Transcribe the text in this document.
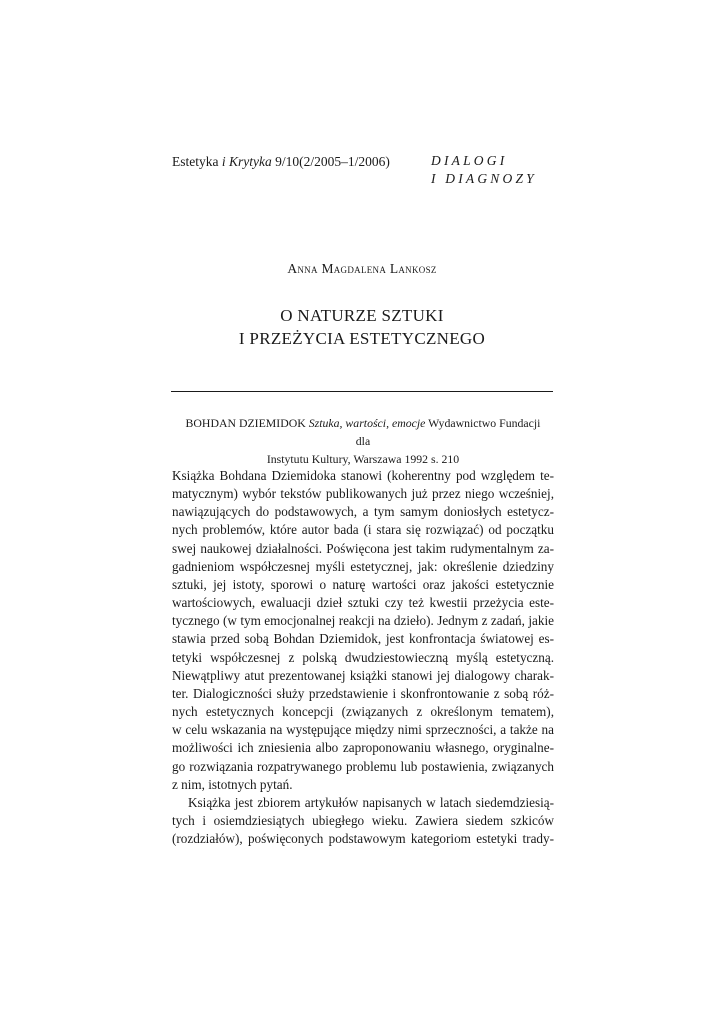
Estetyka i Krytyka 9/10(2/2005–1/2006)	DIALOGI
I DIAGNOZY
Anna Magdalena Lankosz
O NATURZE SZTUKI
I PRZEŻYCIA ESTETYCZNEGO
BOHDAN DZIEMIDOK Sztuka, wartości, emocje Wydawnictwo Fundacji dla
Instytutu Kultury, Warszawa 1992 s. 210

Książka Bohdana Dziemidoka stanowi (koherentny pod względem te-
matycznym) wybór tekstów publikowanych już przez niego wcześniej,
nawiązujących do podstawowych, a tym samym doniosłych estetycz-
nych problemów, które autor bada (i stara się rozwiązać) od początku
swej naukowej działalności. Poświęcona jest takim rudymentalnym za-
gadnieniom współczesnej myśli estetycznej, jak: określenie dziedziny
sztuki, jej istoty, sporowi o naturę wartości oraz jakości estetycznie
wartościowych, ewaluacji dzieł sztuki czy też kwestii przeżycia este-
tycznego (w tym emocjonalnej reakcji na dzieło). Jednym z zadań, jakie
stawia przed sobą Bohdan Dziemidok, jest konfrontacja światowej es-
tetyki współczesnej z polską dwudziestowieczną myślą estetyczną.
Niewątpliwy atut prezentowanej książki stanowi jej dialogowy charak-
ter. Dialogiczności służy przedstawienie i skonfrontowanie z sobą róż-
nych estetycznych koncepcji (związanych z określonym tematem),
w celu wskazania na występujące między nimi sprzeczności, a także na
możliwości ich zniesienia albo zaproponowaniu własnego, oryginalne-
go rozwiązania rozpatrywanego problemu lub postawienia, związanych
z nim, istotnych pytań.

Książka jest zbiorem artykułów napisanych w latach siedemdziesią-
tych i osiemdziesiątych ubiegłego wieku. Zawiera siedem szkiców
(rozdziałów), poświęconych podstawowym kategoriom estetyki trady-
